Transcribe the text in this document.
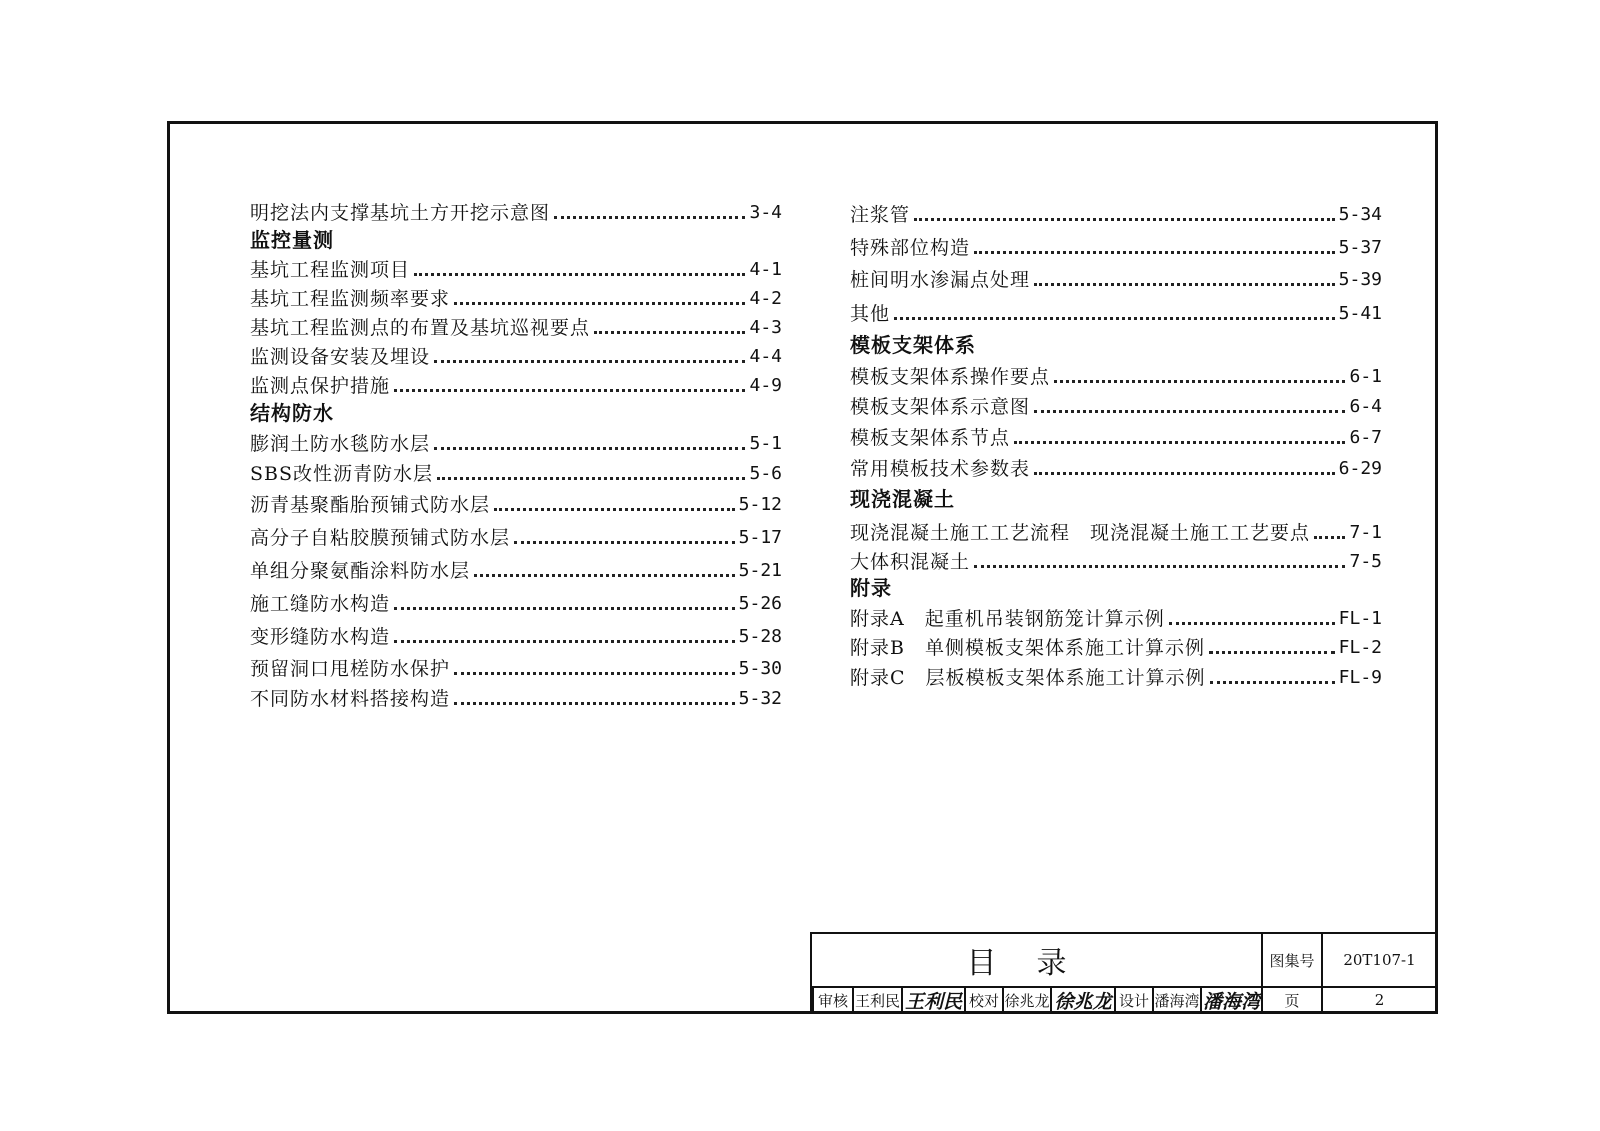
明挖法内支撑基坑土方开挖示意图	3-4
监控量测
基坑工程监测项目	4-1
基坑工程监测频率要求	4-2
基坑工程监测点的布置及基坑巡视要点	4-3
监测设备安装及埋设	4-4
监测点保护措施	4-9
结构防水
膨润土防水毯防水层	5-1
SBS改性沥青防水层	5-6
沥青基聚酯胎预铺式防水层	5-12
高分子自粘胶膜预铺式防水层	5-17
单组分聚氨酯涂料防水层	5-21
施工缝防水构造	5-26
变形缝防水构造	5-28
预留洞口甩槎防水保护	5-30
不同防水材料搭接构造	5-32
注浆管	5-34
特殊部位构造	5-37
桩间明水渗漏点处理	5-39
其他	5-41
模板支架体系
模板支架体系操作要点	6-1
模板支架体系示意图	6-4
模板支架体系节点	6-7
常用模板技术参数表	6-29
现浇混凝土
现浇混凝土施工工艺流程　现浇混凝土施工工艺要点 7-1
大体积混凝土	7-5
附录
附录A　起重机吊装钢筋笼计算示例	FL-1
附录B　单侧模板支架体系施工计算示例	FL-2
附录C　层板模板支架体系施工计算示例	FL-9
目录	图集号	20T107-1
页	2
审核 王利民 王利民 校对 徐兆龙 徐兆龙 设计 潘海湾 潘海湾
